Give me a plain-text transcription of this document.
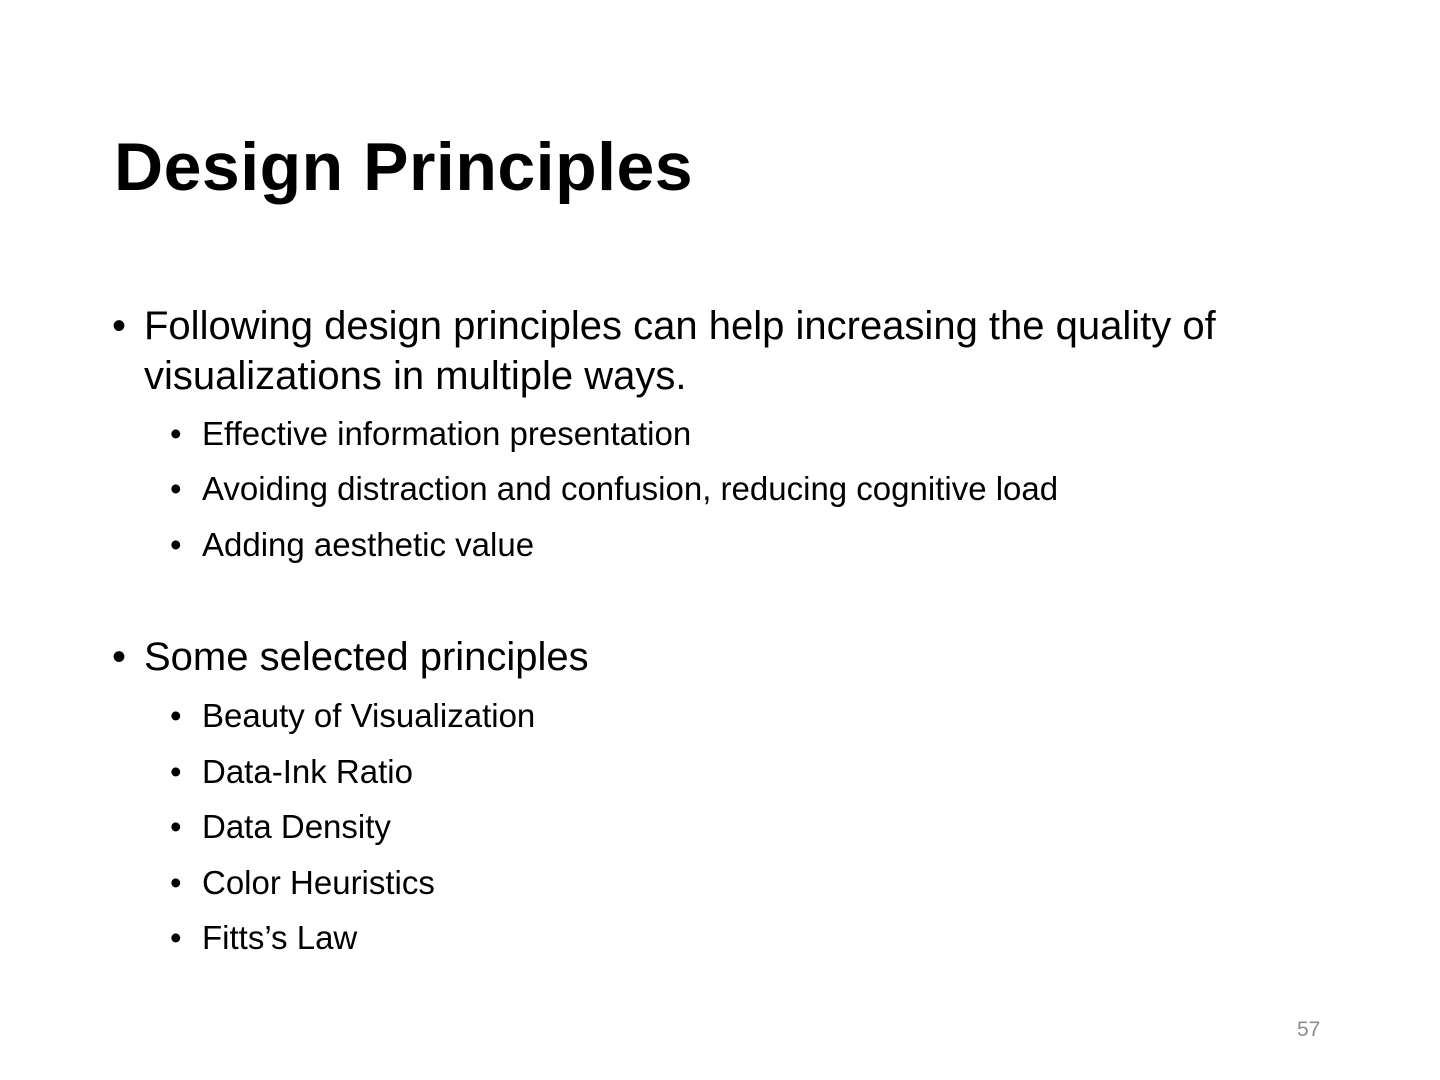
Design Principles
• Following design principles can help increasing the quality of visualizations in multiple ways.
• Effective information presentation
• Avoiding distraction and confusion, reducing cognitive load
• Adding aesthetic value
• Some selected principles
• Beauty of Visualization
• Data-Ink Ratio
• Data Density
• Color Heuristics
• Fitts’s Law
57
